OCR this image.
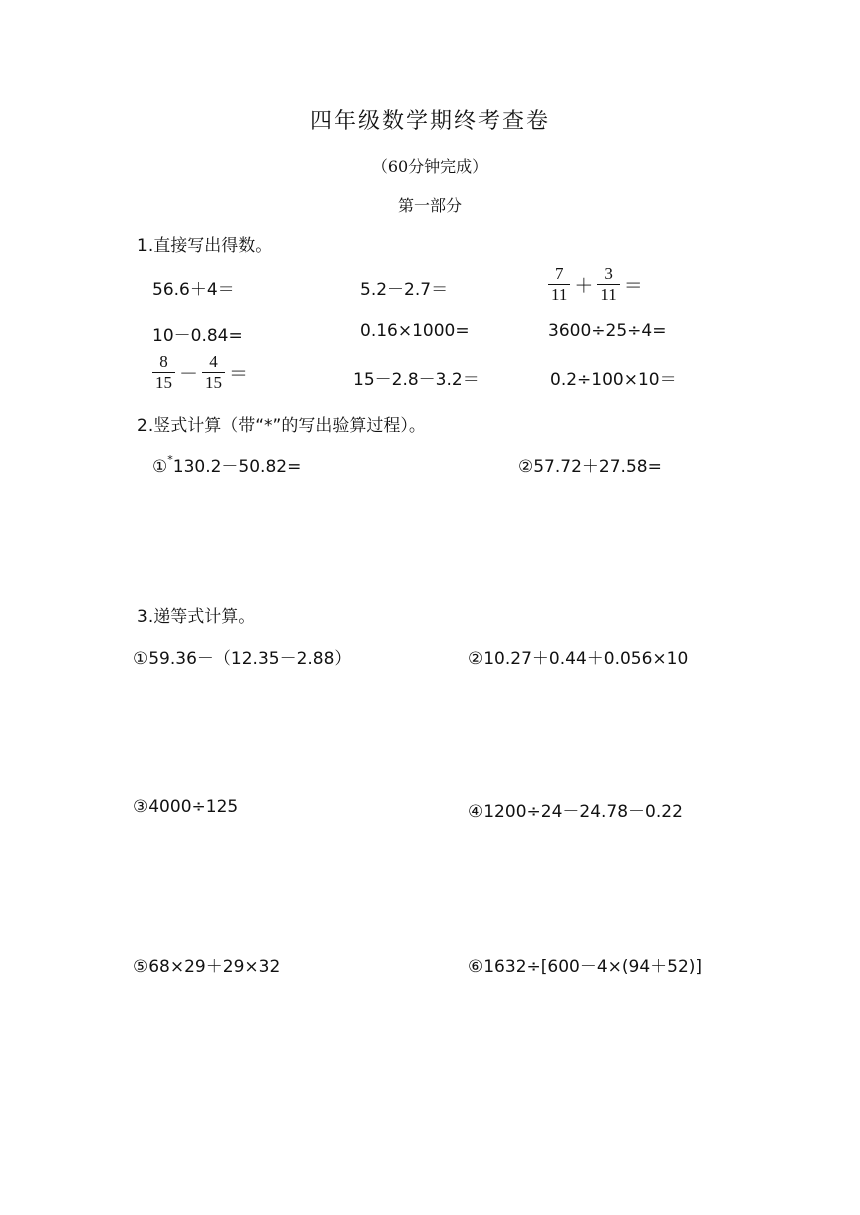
四年级数学期终考查卷
（60分钟完成）
第一部分
1.直接写出得数。
56.6＋4＝	5.2－2.7＝	$\frac{7}{11} + \frac{3}{11}$ ＝
10－0.84=	0.16×1000=	3600÷25÷4=
$\frac{8}{15} - \frac{4}{15}$ ＝	15－2.8－3.2＝	0.2÷100×10＝
2.竖式计算（带“*”的写出验算过程）。
①*130.2－50.82=	②57.72＋27.58=
3.递等式计算。
①59.36－（12.35－2.88）	②10.27＋0.44＋0.056×10
③4000÷125	④1200÷24－24.78－0.22
⑤68×29＋29×32	⑥1632÷[600－4×(94＋52)]
